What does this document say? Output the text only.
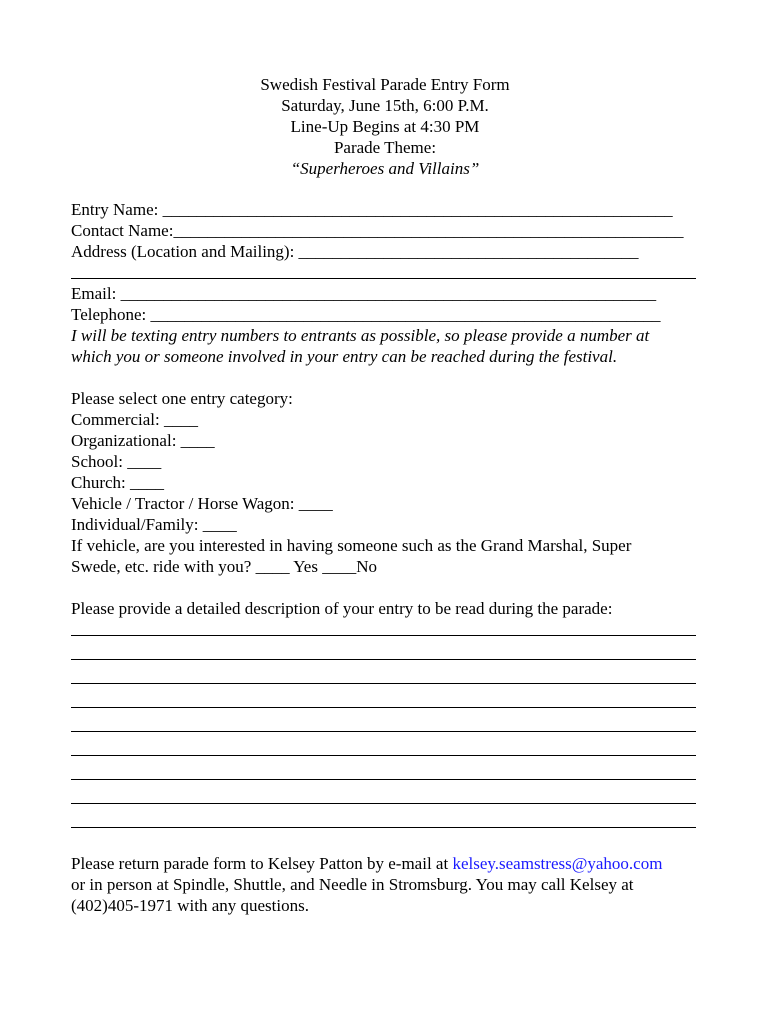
Swedish Festival Parade Entry Form
Saturday, June 15th, 6:00 P.M.
Line-Up Begins at 4:30 PM
Parade Theme:
“Superheroes and Villains”
Entry Name: ____________________________________________________________
Contact Name:____________________________________________________________
Address (Location and Mailing): ________________________________________
Email: _______________________________________________________________
Telephone: ____________________________________________________________
I will be texting entry numbers to entrants as possible, so please provide a number at
which you or someone involved in your entry can be reached during the festival.
Please select one entry category:
Commercial: ____
Organizational: ____
School: ____
Church: ____
Vehicle / Tractor / Horse Wagon: ____
Individual/Family: ____
If vehicle, are you interested in having someone such as the Grand Marshal, Super
Swede, etc. ride with you? ____ Yes ____No
Please provide a detailed description of your entry to be read during the parade:
Please return parade form to Kelsey Patton by e-mail at kelsey.seamstress@yahoo.com
or in person at Spindle, Shuttle, and Needle in Stromsburg. You may call Kelsey at
(402)405-1971 with any questions.
